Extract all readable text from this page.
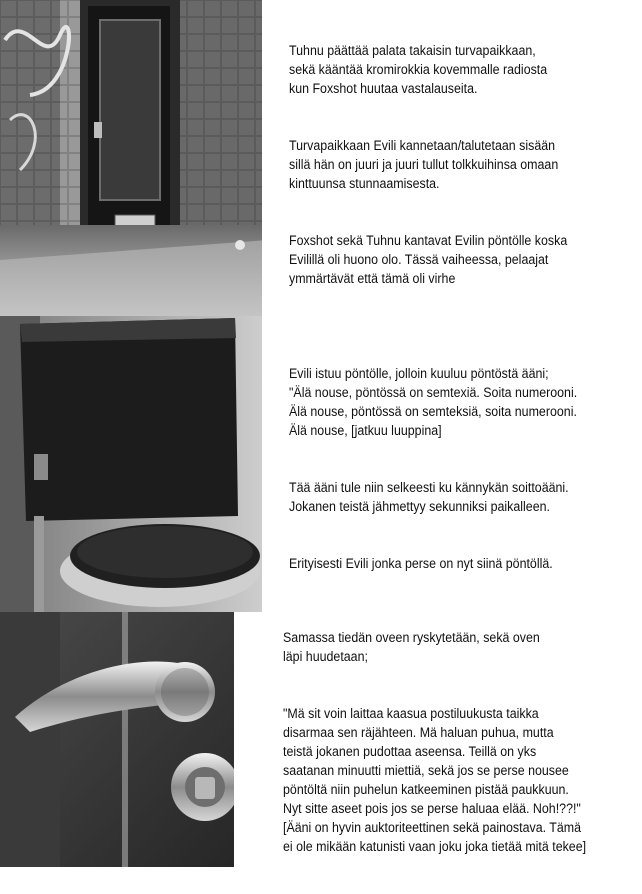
Tuhnu päättää palata takaisin turvapaikkaan,
sekä kääntää kromirokkia kovemmalle radiosta
kun Foxshot huutaa vastalauseita.

Turvapaikkaan Evili kannetaan/talutetaan sisään
sillä hän on juuri ja juuri tullut tolkkuihinsa omaan
kinttuunsa stunnaamisesta.

Foxshot sekä Tuhnu kantavat Evilin pöntölle koska
Evilillä oli huono olo. Tässä vaiheessa, pelaajat
ymmärtävät että tämä oli virhe

Evili istuu pöntölle, jolloin kuuluu pöntöstä ääni;
"Älä nouse, pöntössä on semtexiä. Soita numerooni.
Älä nouse, pöntössä on semteksiä, soita numerooni.
Älä nouse, [jatkuu luuppina]

Tää ääni tule niin selkeesti ku kännykän soittoääni.
Jokanen teistä jähmettyy sekunniksi paikalleen.

Erityisesti Evili jonka perse on nyt siinä pöntöllä.

Samassa tiedän oveen ryskytetään, sekä oven
läpi huudetaan;

"Mä sit voin laittaa kaasua postiluukusta taikka
disarmaa sen räjähteen. Mä haluan puhua, mutta
teistä jokanen pudottaa aseensa. Teillä on yks
saatanan minuutti miettiä, sekä jos se perse nousee
pöntöltä niin puhelun katkeeminen pistää paukkuun.
Nyt sitte aseet pois jos se perse haluaa elää. Noh!??!"
[Ääni on hyvin auktoriteettinen sekä painostava. Tämä
ei ole mikään katunisti vaan joku joka tietää mitä tekee]
